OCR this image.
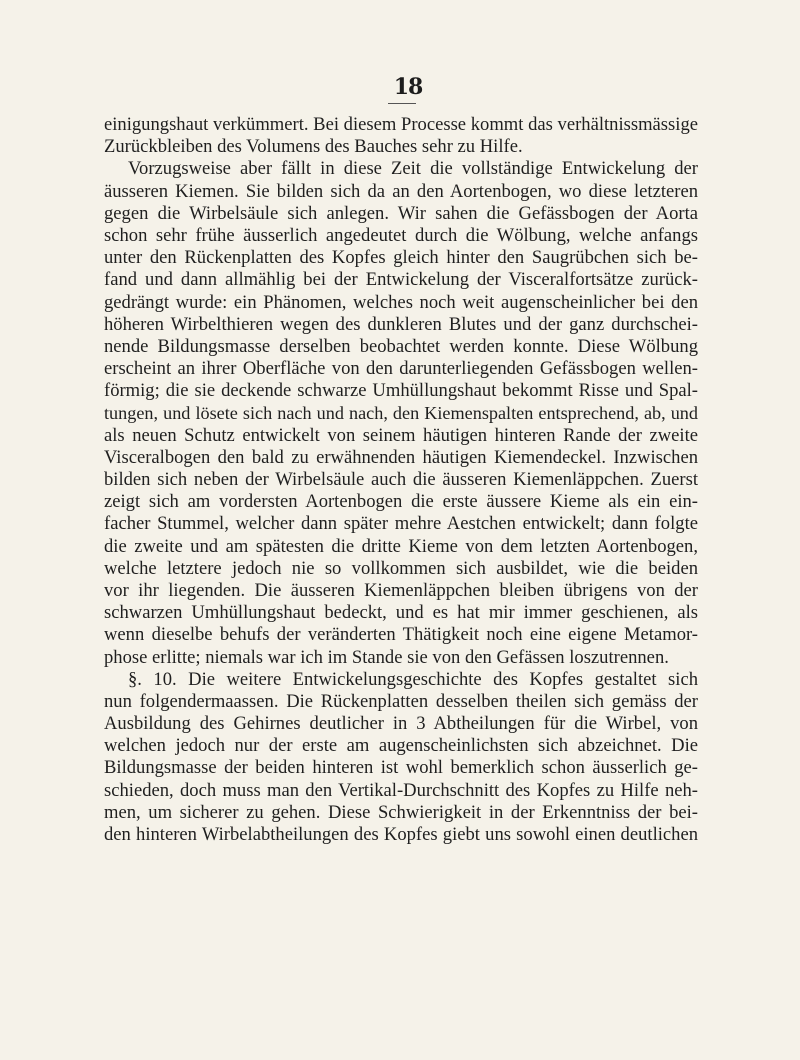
18
einigungshaut verkümmert. Bei diesem Processe kommt das verhältnissmässige
Zurückbleiben des Volumens des Bauches sehr zu Hilfe.
Vorzugsweise aber fällt in diese Zeit die vollständige Entwickelung der
äusseren Kiemen. Sie bilden sich da an den Aortenbogen, wo diese letzteren
gegen die Wirbelsäule sich anlegen. Wir sahen die Gefässbogen der Aorta
schon sehr frühe äusserlich angedeutet durch die Wölbung, welche anfangs
unter den Rückenplatten des Kopfes gleich hinter den Saugrübchen sich be-
fand und dann allmählig bei der Entwickelung der Visceralfortsätze zurück-
gedrängt wurde: ein Phänomen, welches noch weit augenscheinlicher bei den
höheren Wirbelthieren wegen des dunkleren Blutes und der ganz durchschei-
nende Bildungsmasse derselben beobachtet werden konnte. Diese Wölbung
erscheint an ihrer Oberfläche von den darunterliegenden Gefässbogen wellen-
förmig; die sie deckende schwarze Umhüllungshaut bekommt Risse und Spal-
tungen, und lösete sich nach und nach, den Kiemenspalten entsprechend, ab, und
als neuen Schutz entwickelt von seinem häutigen hinteren Rande der zweite
Visceralbogen den bald zu erwähnenden häutigen Kiemendeckel. Inzwischen
bilden sich neben der Wirbelsäule auch die äusseren Kiemenläppchen. Zuerst
zeigt sich am vordersten Aortenbogen die erste äussere Kieme als ein ein-
facher Stummel, welcher dann später mehre Aestchen entwickelt; dann folgte
die zweite und am spätesten die dritte Kieme von dem letzten Aortenbogen,
welche letztere jedoch nie so vollkommen sich ausbildet, wie die beiden
vor ihr liegenden. Die äusseren Kiemenläppchen bleiben übrigens von der
schwarzen Umhüllungshaut bedeckt, und es hat mir immer geschienen, als
wenn dieselbe behufs der veränderten Thätigkeit noch eine eigene Metamor-
phose erlitte; niemals war ich im Stande sie von den Gefässen loszutrennen.
§. 10. Die weitere Entwickelungsgeschichte des Kopfes gestaltet sich
nun folgendermaassen. Die Rückenplatten desselben theilen sich gemäss der
Ausbildung des Gehirnes deutlicher in 3 Abtheilungen für die Wirbel, von
welchen jedoch nur der erste am augenscheinlichsten sich abzeichnet. Die
Bildungsmasse der beiden hinteren ist wohl bemerklich schon äusserlich ge-
schieden, doch muss man den Vertikal-Durchschnitt des Kopfes zu Hilfe neh-
men, um sicherer zu gehen. Diese Schwierigkeit in der Erkenntniss der bei-
den hinteren Wirbelabtheilungen des Kopfes giebt uns sowohl einen deutlichen
